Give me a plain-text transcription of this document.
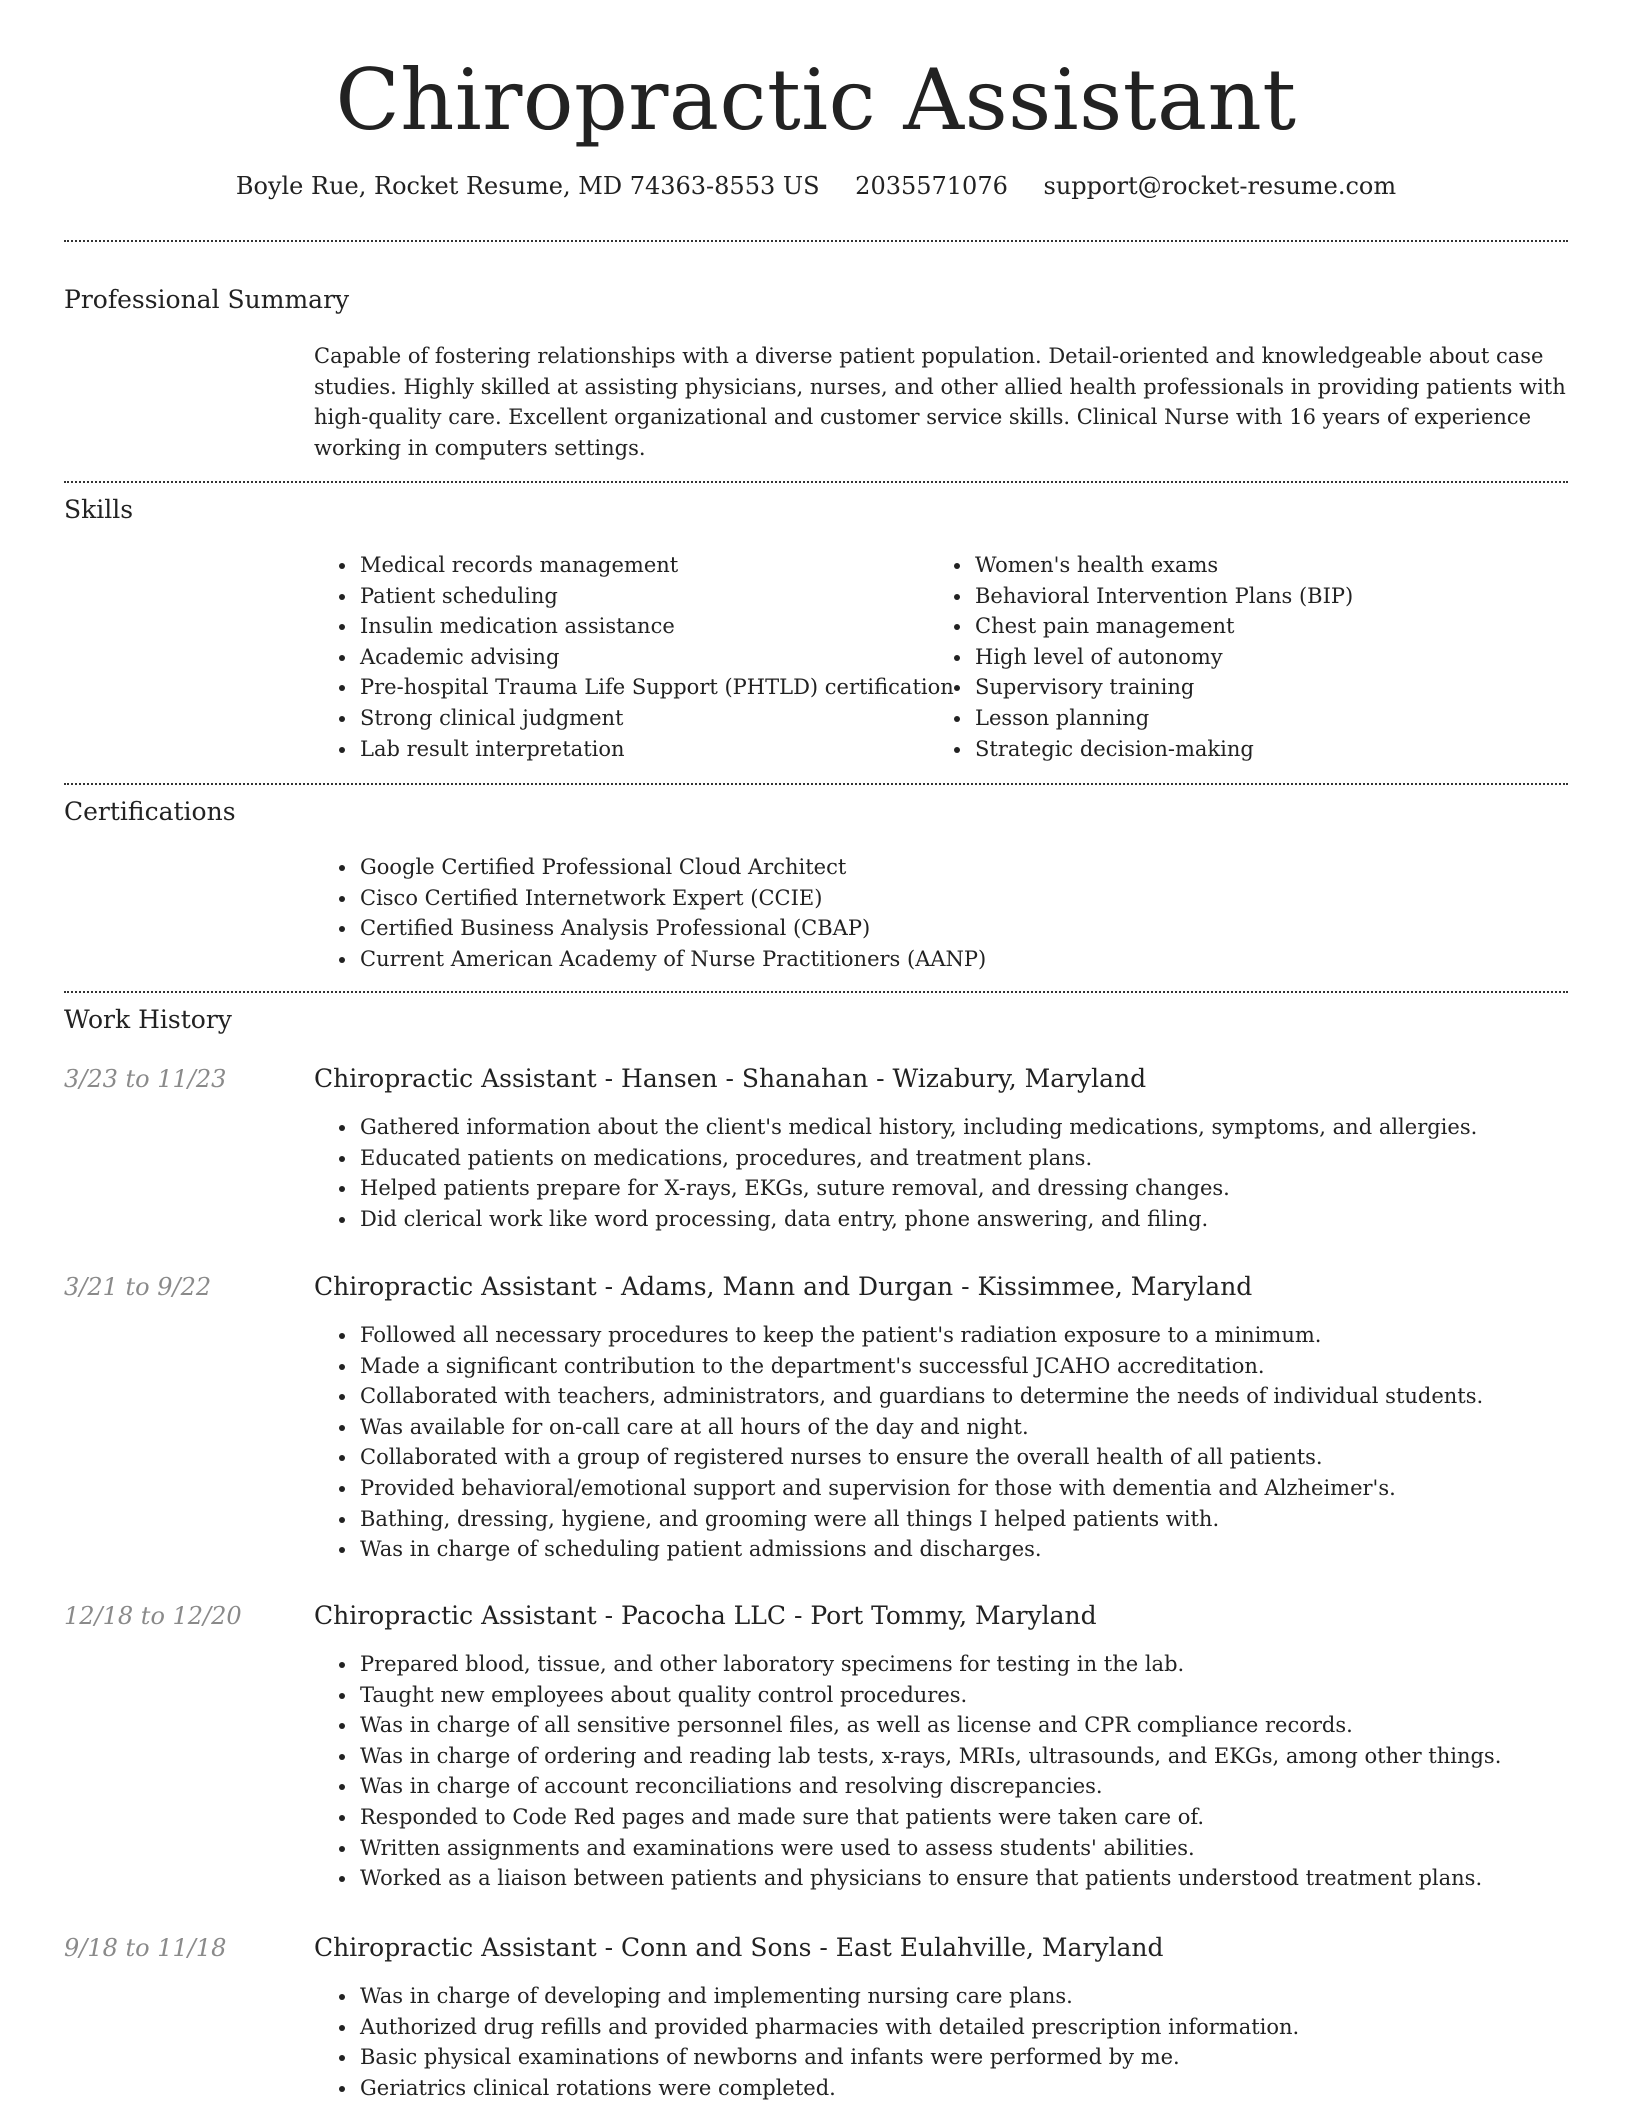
Chiropractic Assistant
Boyle Rue, Rocket Resume, MD 74363-8553 US 2035571076 support@rocket-resume.com
Professional Summary

Capable of fostering relationships with a diverse patient population. Detail-oriented and knowledgeable about case studies. Highly skilled at assisting physicians, nurses, and other allied health professionals in providing patients with high-quality care. Excellent organizational and customer service skills. Clinical Nurse with 16 years of experience working in computers settings.

Skills
• Medical records management
• Patient scheduling
• Insulin medication assistance
• Academic advising
• Pre-hospital Trauma Life Support (PHTLD) certification
• Strong clinical judgment
• Lab result interpretation
• Women's health exams
• Behavioral Intervention Plans (BIP)
• Chest pain management
• High level of autonomy
• Supervisory training
• Lesson planning
• Strategic decision-making
Certifications
• Google Certified Professional Cloud Architect
• Cisco Certified Internetwork Expert (CCIE)
• Certified Business Analysis Professional (CBAP)
• Current American Academy of Nurse Practitioners (AANP)
Work History
3/23 to 11/23	Chiropractic Assistant - Hansen - Shanahan - Wizabury, Maryland
• Gathered information about the client's medical history, including medications, symptoms, and allergies.
• Educated patients on medications, procedures, and treatment plans.
• Helped patients prepare for X-rays, EKGs, suture removal, and dressing changes.
• Did clerical work like word processing, data entry, phone answering, and filing.
3/21 to 9/22	Chiropractic Assistant - Adams, Mann and Durgan - Kissimmee, Maryland
• Followed all necessary procedures to keep the patient's radiation exposure to a minimum.
• Made a significant contribution to the department's successful JCAHO accreditation.
• Collaborated with teachers, administrators, and guardians to determine the needs of individual students.
• Was available for on-call care at all hours of the day and night.
• Collaborated with a group of registered nurses to ensure the overall health of all patients.
• Provided behavioral/emotional support and supervision for those with dementia and Alzheimer's.
• Bathing, dressing, hygiene, and grooming were all things I helped patients with.
• Was in charge of scheduling patient admissions and discharges.
12/18 to 12/20	Chiropractic Assistant - Pacocha LLC - Port Tommy, Maryland
• Prepared blood, tissue, and other laboratory specimens for testing in the lab.
• Taught new employees about quality control procedures.
• Was in charge of all sensitive personnel files, as well as license and CPR compliance records.
• Was in charge of ordering and reading lab tests, x-rays, MRIs, ultrasounds, and EKGs, among other things.
• Was in charge of account reconciliations and resolving discrepancies.
• Responded to Code Red pages and made sure that patients were taken care of.
• Written assignments and examinations were used to assess students' abilities.
• Worked as a liaison between patients and physicians to ensure that patients understood treatment plans.
9/18 to 11/18	Chiropractic Assistant - Conn and Sons - East Eulahville, Maryland
• Was in charge of developing and implementing nursing care plans.
• Authorized drug refills and provided pharmacies with detailed prescription information.
• Basic physical examinations of newborns and infants were performed by me.
• Geriatrics clinical rotations were completed.
